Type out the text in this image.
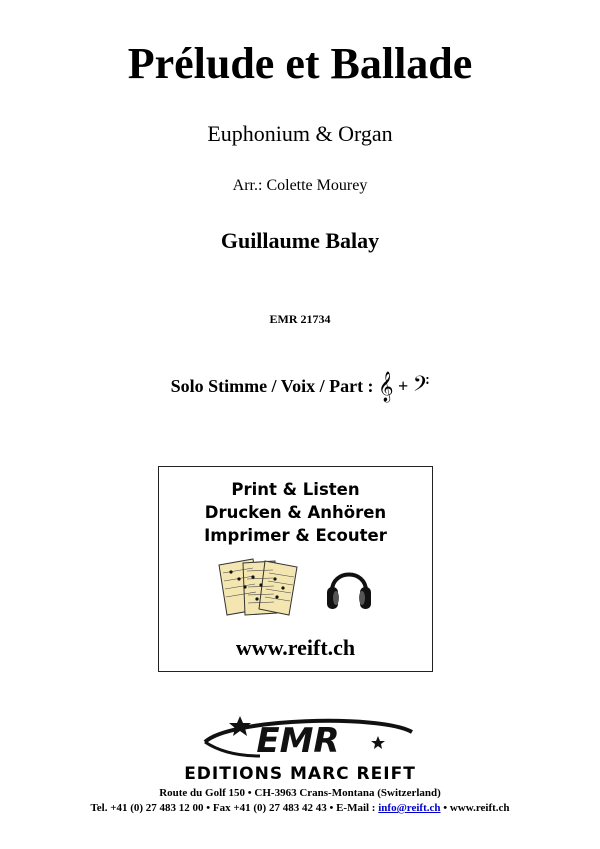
Prélude et Ballade
Euphonium & Organ
Arr.: Colette Mourey
Guillaume Balay
EMR 21734
Solo Stimme / Voix / Part : 𝄞 + 𝄢
Print & Listen
Drucken & Anhören
Imprimer & Ecouter
www.reift.ch
EMR
EDITIONS MARC REIFT
Route du Golf 150 • CH-3963 Crans-Montana (Switzerland)
Tel. +41 (0) 27 483 12 00 • Fax +41 (0) 27 483 42 43 • E-Mail : info@reift.ch • www.reift.ch
